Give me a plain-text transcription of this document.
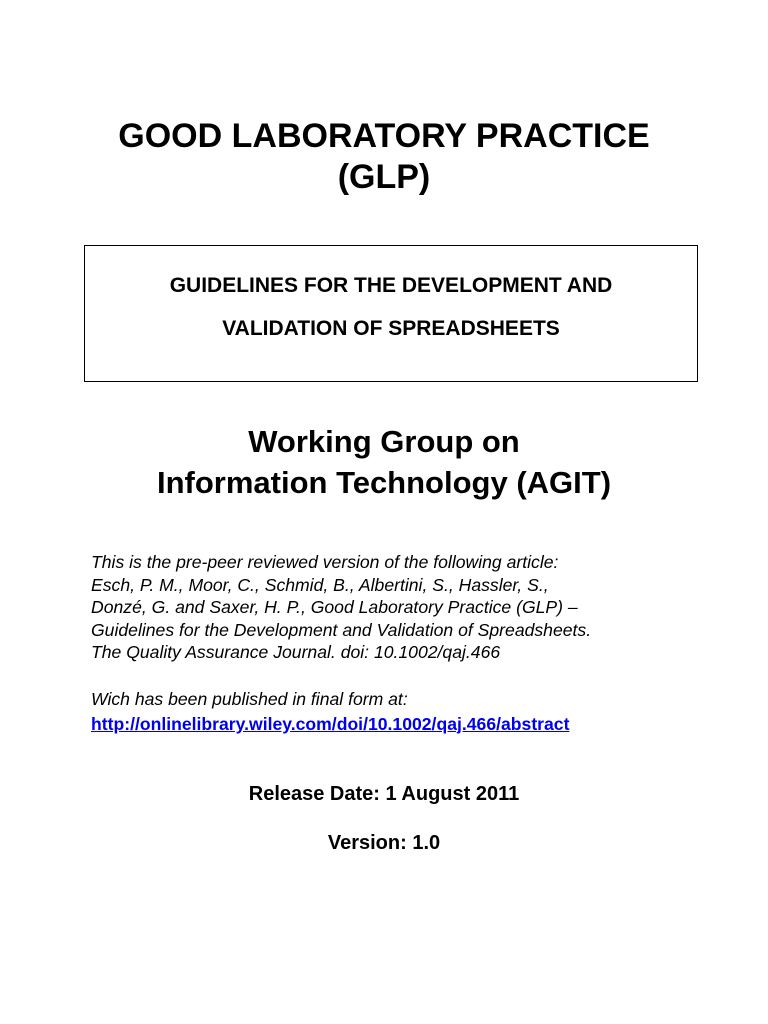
GOOD LABORATORY PRACTICE
(GLP)
GUIDELINES FOR THE DEVELOPMENT AND
VALIDATION OF SPREADSHEETS
Working Group on
Information Technology (AGIT)
This is the pre-peer reviewed version of the following article:
Esch, P. M., Moor, C., Schmid, B., Albertini, S., Hassler, S.,
Donzé, G. and Saxer, H. P., Good Laboratory Practice (GLP) –
Guidelines for the Development and Validation of Spreadsheets.
The Quality Assurance Journal. doi: 10.1002/qaj.466
Wich has been published in final form at:
http://onlinelibrary.wiley.com/doi/10.1002/qaj.466/abstract
Release Date: 1 August 2011
Version: 1.0
